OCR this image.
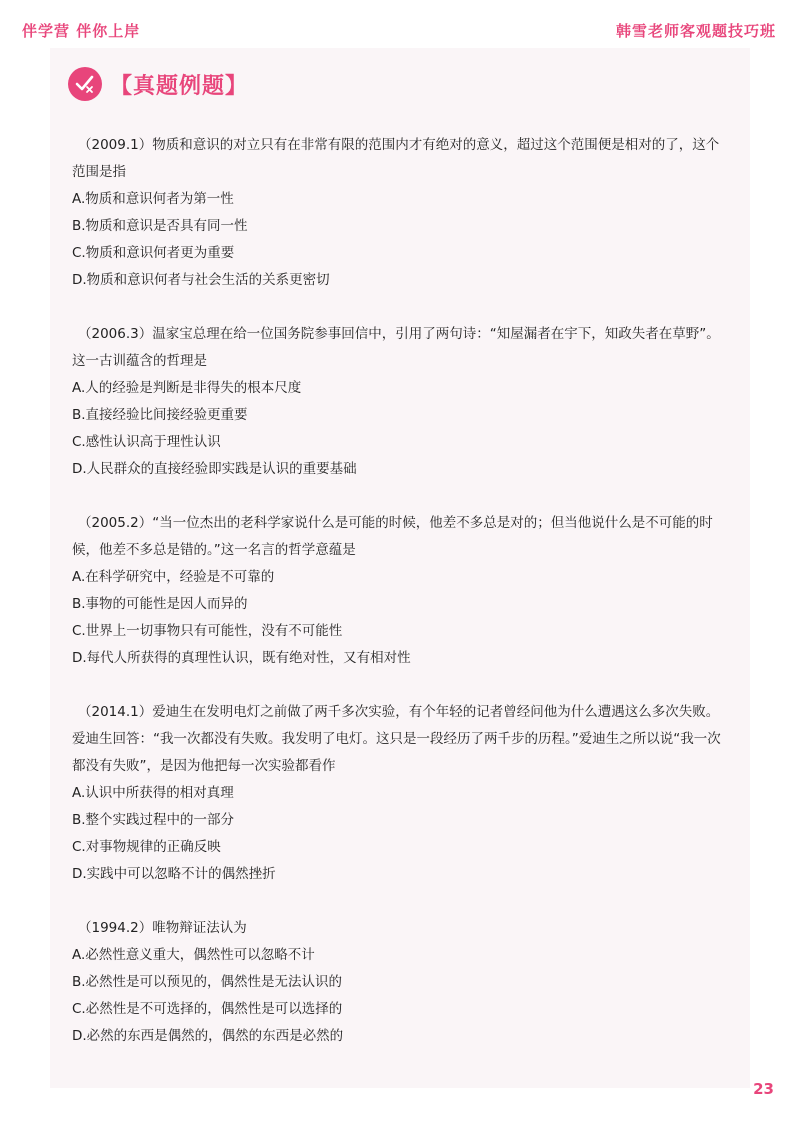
伴学营 伴你上岸	韩雪老师客观题技巧班
【真题例题】
（2009.1）物质和意识的对立只有在非常有限的范围内才有绝对的意义，超过这个范围便是相对的了，这个范围是指
A.物质和意识何者为第一性
B.物质和意识是否具有同一性
C.物质和意识何者更为重要
D.物质和意识何者与社会生活的关系更密切
（2006.3）温家宝总理在给一位国务院参事回信中，引用了两句诗：“知屋漏者在宇下，知政失者在草野”。这一古训蕴含的哲理是
A.人的经验是判断是非得失的根本尺度
B.直接经验比间接经验更重要
C.感性认识高于理性认识
D.人民群众的直接经验即实践是认识的重要基础
（2005.2）“当一位杰出的老科学家说什么是可能的时候，他差不多总是对的；但当他说什么是不可能的时候，他差不多总是错的。”这一名言的哲学意蕴是
A.在科学研究中，经验是不可靠的
B.事物的可能性是因人而异的
C.世界上一切事物只有可能性，没有不可能性
D.每代人所获得的真理性认识，既有绝对性，又有相对性
（2014.1）爱迪生在发明电灯之前做了两千多次实验，有个年轻的记者曾经问他为什么遭遇这么多次失败。爱迪生回答：“我一次都没有失败。我发明了电灯。这只是一段经历了两千步的历程。”爱迪生之所以说“我一次都没有失败”，是因为他把每一次实验都看作
A.认识中所获得的相对真理
B.整个实践过程中的一部分
C.对事物规律的正确反映
D.实践中可以忽略不计的偶然挫折
（1994.2）唯物辩证法认为
A.必然性意义重大，偶然性可以忽略不计
B.必然性是可以预见的，偶然性是无法认识的
C.必然性是不可选择的，偶然性是可以选择的
D.必然的东西是偶然的，偶然的东西是必然的
23
